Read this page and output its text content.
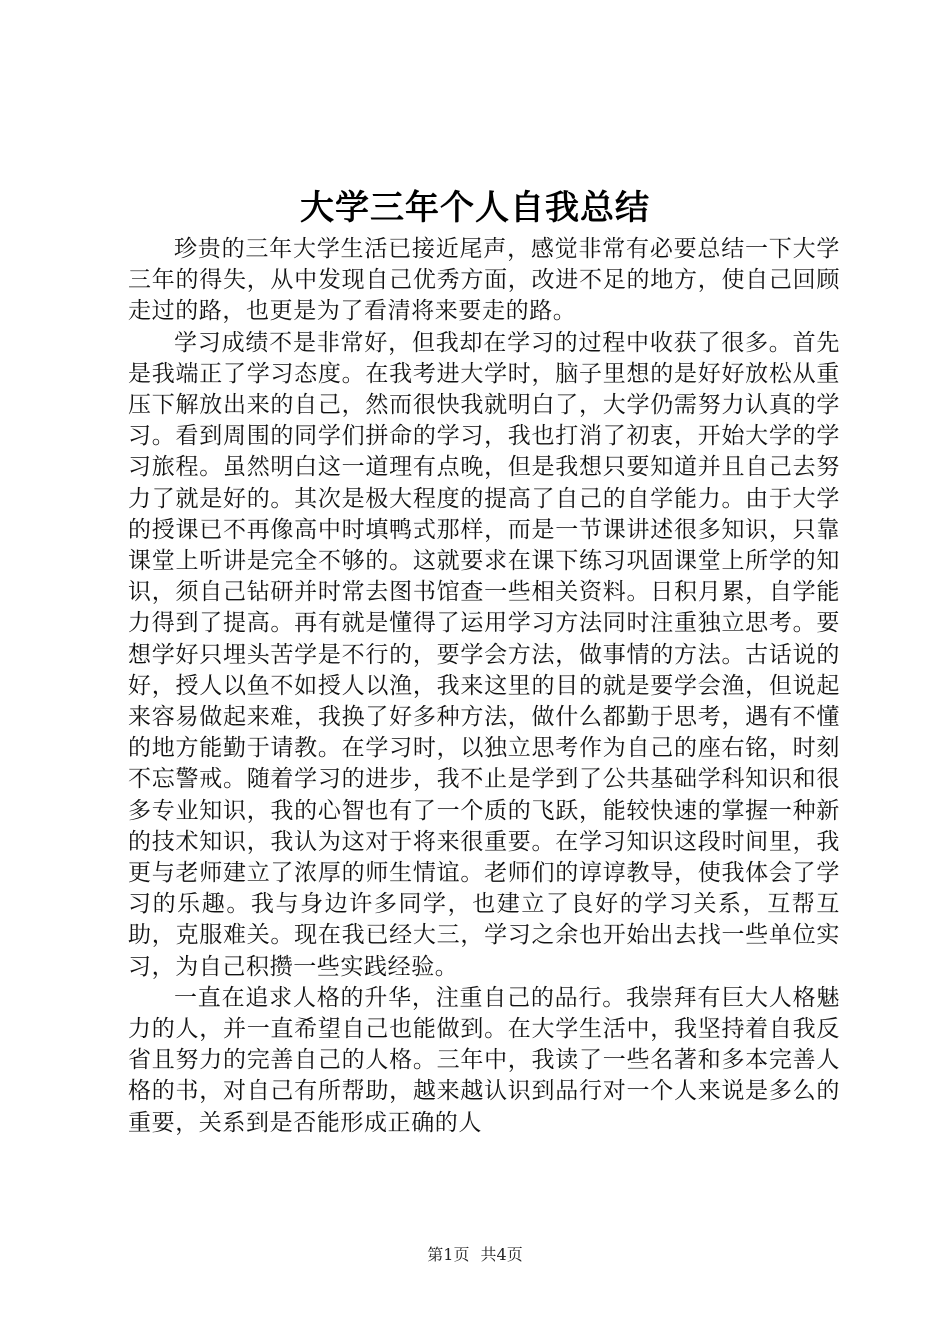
大学三年个人自我总结

珍贵的三年大学生活已接近尾声，感觉非常有必要总结一下大学三年的得失，从中发现自己优秀方面，改进不足的地方，使自己回顾走过的路，也更是为了看清将来要走的路。

学习成绩不是非常好，但我却在学习的过程中收获了很多。首先是我端正了学习态度。在我考进大学时，脑子里想的是好好放松从重压下解放出来的自己，然而很快我就明白了，大学仍需努力认真的学习。看到周围的同学们拼命的学习，我也打消了初衷，开始大学的学习旅程。虽然明白这一道理有点晚，但是我想只要知道并且自己去努力了就是好的。其次是极大程度的提高了自己的自学能力。由于大学的授课已不再像高中时填鸭式那样，而是一节课讲述很多知识，只靠课堂上听讲是完全不够的。这就要求在课下练习巩固课堂上所学的知识，须自己钻研并时常去图书馆查一些相关资料。日积月累，自学能力得到了提高。再有就是懂得了运用学习方法同时注重独立思考。要想学好只埋头苦学是不行的，要学会方法，做事情的方法。古话说的好，授人以鱼不如授人以渔，我来这里的目的就是要学会渔，但说起来容易做起来难，我换了好多种方法，做什么都勤于思考，遇有不懂的地方能勤于请教。在学习时，以独立思考作为自己的座右铭，时刻不忘警戒。随着学习的进步，我不止是学到了公共基础学科知识和很多专业知识，我的心智也有了一个质的飞跃，能较快速的掌握一种新的技术知识，我认为这对于将来很重要。在学习知识这段时间里，我更与老师建立了浓厚的师生情谊。老师们的谆谆教导，使我体会了学习的乐趣。我与身边许多同学，也建立了良好的学习关系，互帮互助，克服难关。现在我已经大三，学习之余也开始出去找一些单位实习，为自己积攒一些实践经验。

一直在追求人格的升华，注重自己的品行。我崇拜有巨大人格魅力的人，并一直希望自己也能做到。在大学生活中，我坚持着自我反省且努力的完善自己的人格。三年中，我读了一些名著和多本完善人格的书，对自己有所帮助，越来越认识到品行对一个人来说是多么的重要，关系到是否能形成正确的人

第1页 共4页
